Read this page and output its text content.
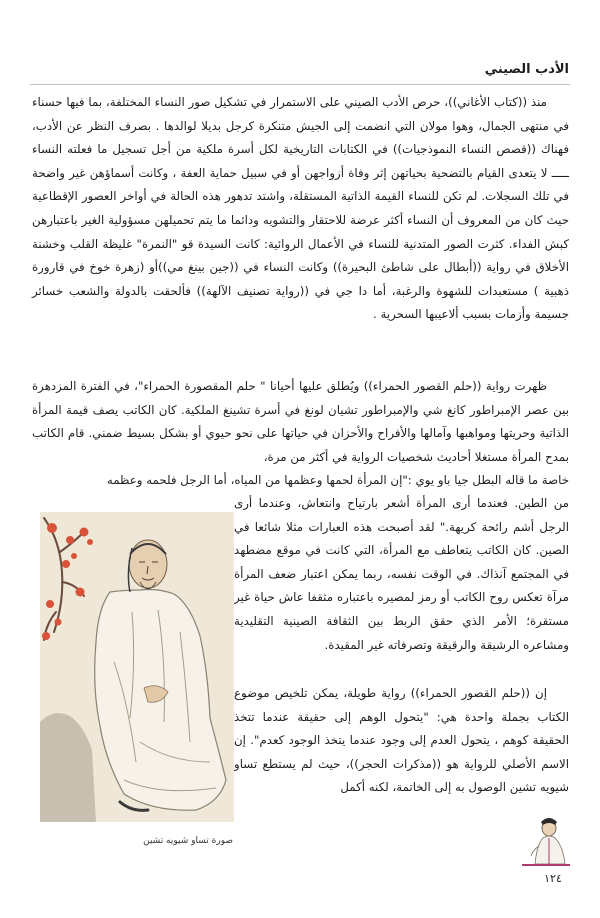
الأدب الصيني

منذ ((كتاب الأغاني))، حرص الأدب الصيني على الاستمرار في تشكيل صور النساء المختلفة، بما فيها حسناء في منتهى الجمال، وهوا مولان التي انضمت إلى الجيش متنكرة كرجل بديلا لوالدها . بصرف النظر عن الأدب، فهناك ((قصص النساء النموذجيات)) في الكتابات التاريخية لكل أسرة ملكية من أجل تسجيل ما فعلته النساء ـــــ لا يتعدى القيام بالتضحية بحياتهن إثر وفاة أزواجهن أو في سبيل حماية العفة ، وكانت أسماؤهن غير واضحة في تلك السجلات. لم تكن للنساء القيمة الذاتية المستقلة، واشتد تدهور هذه الحالة في أواخر العصور الإقطاعية حيث كان من المعروف أن النساء أكثر عرضة للاحتقار والتشويه ودائما ما يتم تحميلهن مسؤولية الغير باعتبارهن كبش الفداء. كثرت الصور المتدنية للنساء في الأعمال الروائية: كانت السيدة قو "النمرة" غليظة القلب وخشنة الأخلاق في رواية ((أبطال على شاطئ البحيرة)) وكانت النساء في ((جين بينغ مي))أو (زهرة خوخ في قارورة ذهبية ) مستعبدات للشهوة والرغبة، أما دا جي في ((رواية تصنيف الآلهة)) فألحقت بالدولة والشعب خسائر جسيمة وأزمات بسبب ألاعيبها السحرية .

ظهرت رواية ((حلم القصور الحمراء)) ويُطلق عليها أحيانا " حلم المقصورة الحمراء"، في الفترة المزدهرة بين عصر الإمبراطور كانغ شي والإمبراطور تشيان لونغ في أسرة تشينغ الملكية. كان الكاتب يصف قيمة المرأة الذاتية وحريتها ومواهبها وآمالها والأفراح والأحزان في حياتها على نحو حيوي أو بشكل بسيط ضمني. قام الكاتب بمدح المرأة مستغلا أحاديث شخصيات الرواية في أكثر من مرة،

خاصة ما قاله البطل جيا باو يوي :"إن المرأة لحمها وعظمها من المياه، أما الرجل فلحمه وعظمه

من الطين. فعندما أرى المرأة أشعر بارتياح وانتعاش، وعندما أرى الرجل أشم رائحة كريهة." لقد أصبحت هذه العبارات مثلا شائعا في الصين. كان الكاتب يتعاطف مع المرأة، التي كانت في موقع مضطهد في المجتمع آنذاك. في الوقت نفسه، ربما يمكن اعتبار ضعف المرأة مرآة تعكس روح الكاتب أو رمز لمصيره باعتباره مثقفا عاش حياة غير مستقرة؛ الأمر الذي حقق الربط بين الثقافة الصينية التقليدية ومشاعره الرشيقة والرقيقة وتصرفاته غير المقيدة.

إن ((حلم القصور الحمراء)) رواية طويلة، يمكن تلخيص موضوع الكتاب بجملة واحدة هي: "يتحول الوهم إلى حقيقة عندما تتخذ الحقيقة كوهم ، يتحول العدم إلى وجود عندما يتخذ الوجود كعدم". إن الاسم الأصلي للرواية هو ((مذكرات الحجر))، حيث لم يستطع تساو شيويه تشين الوصول به إلى الخاتمة، لكنه أكمل

صورة تساو شيويه تشين
١٢٤
